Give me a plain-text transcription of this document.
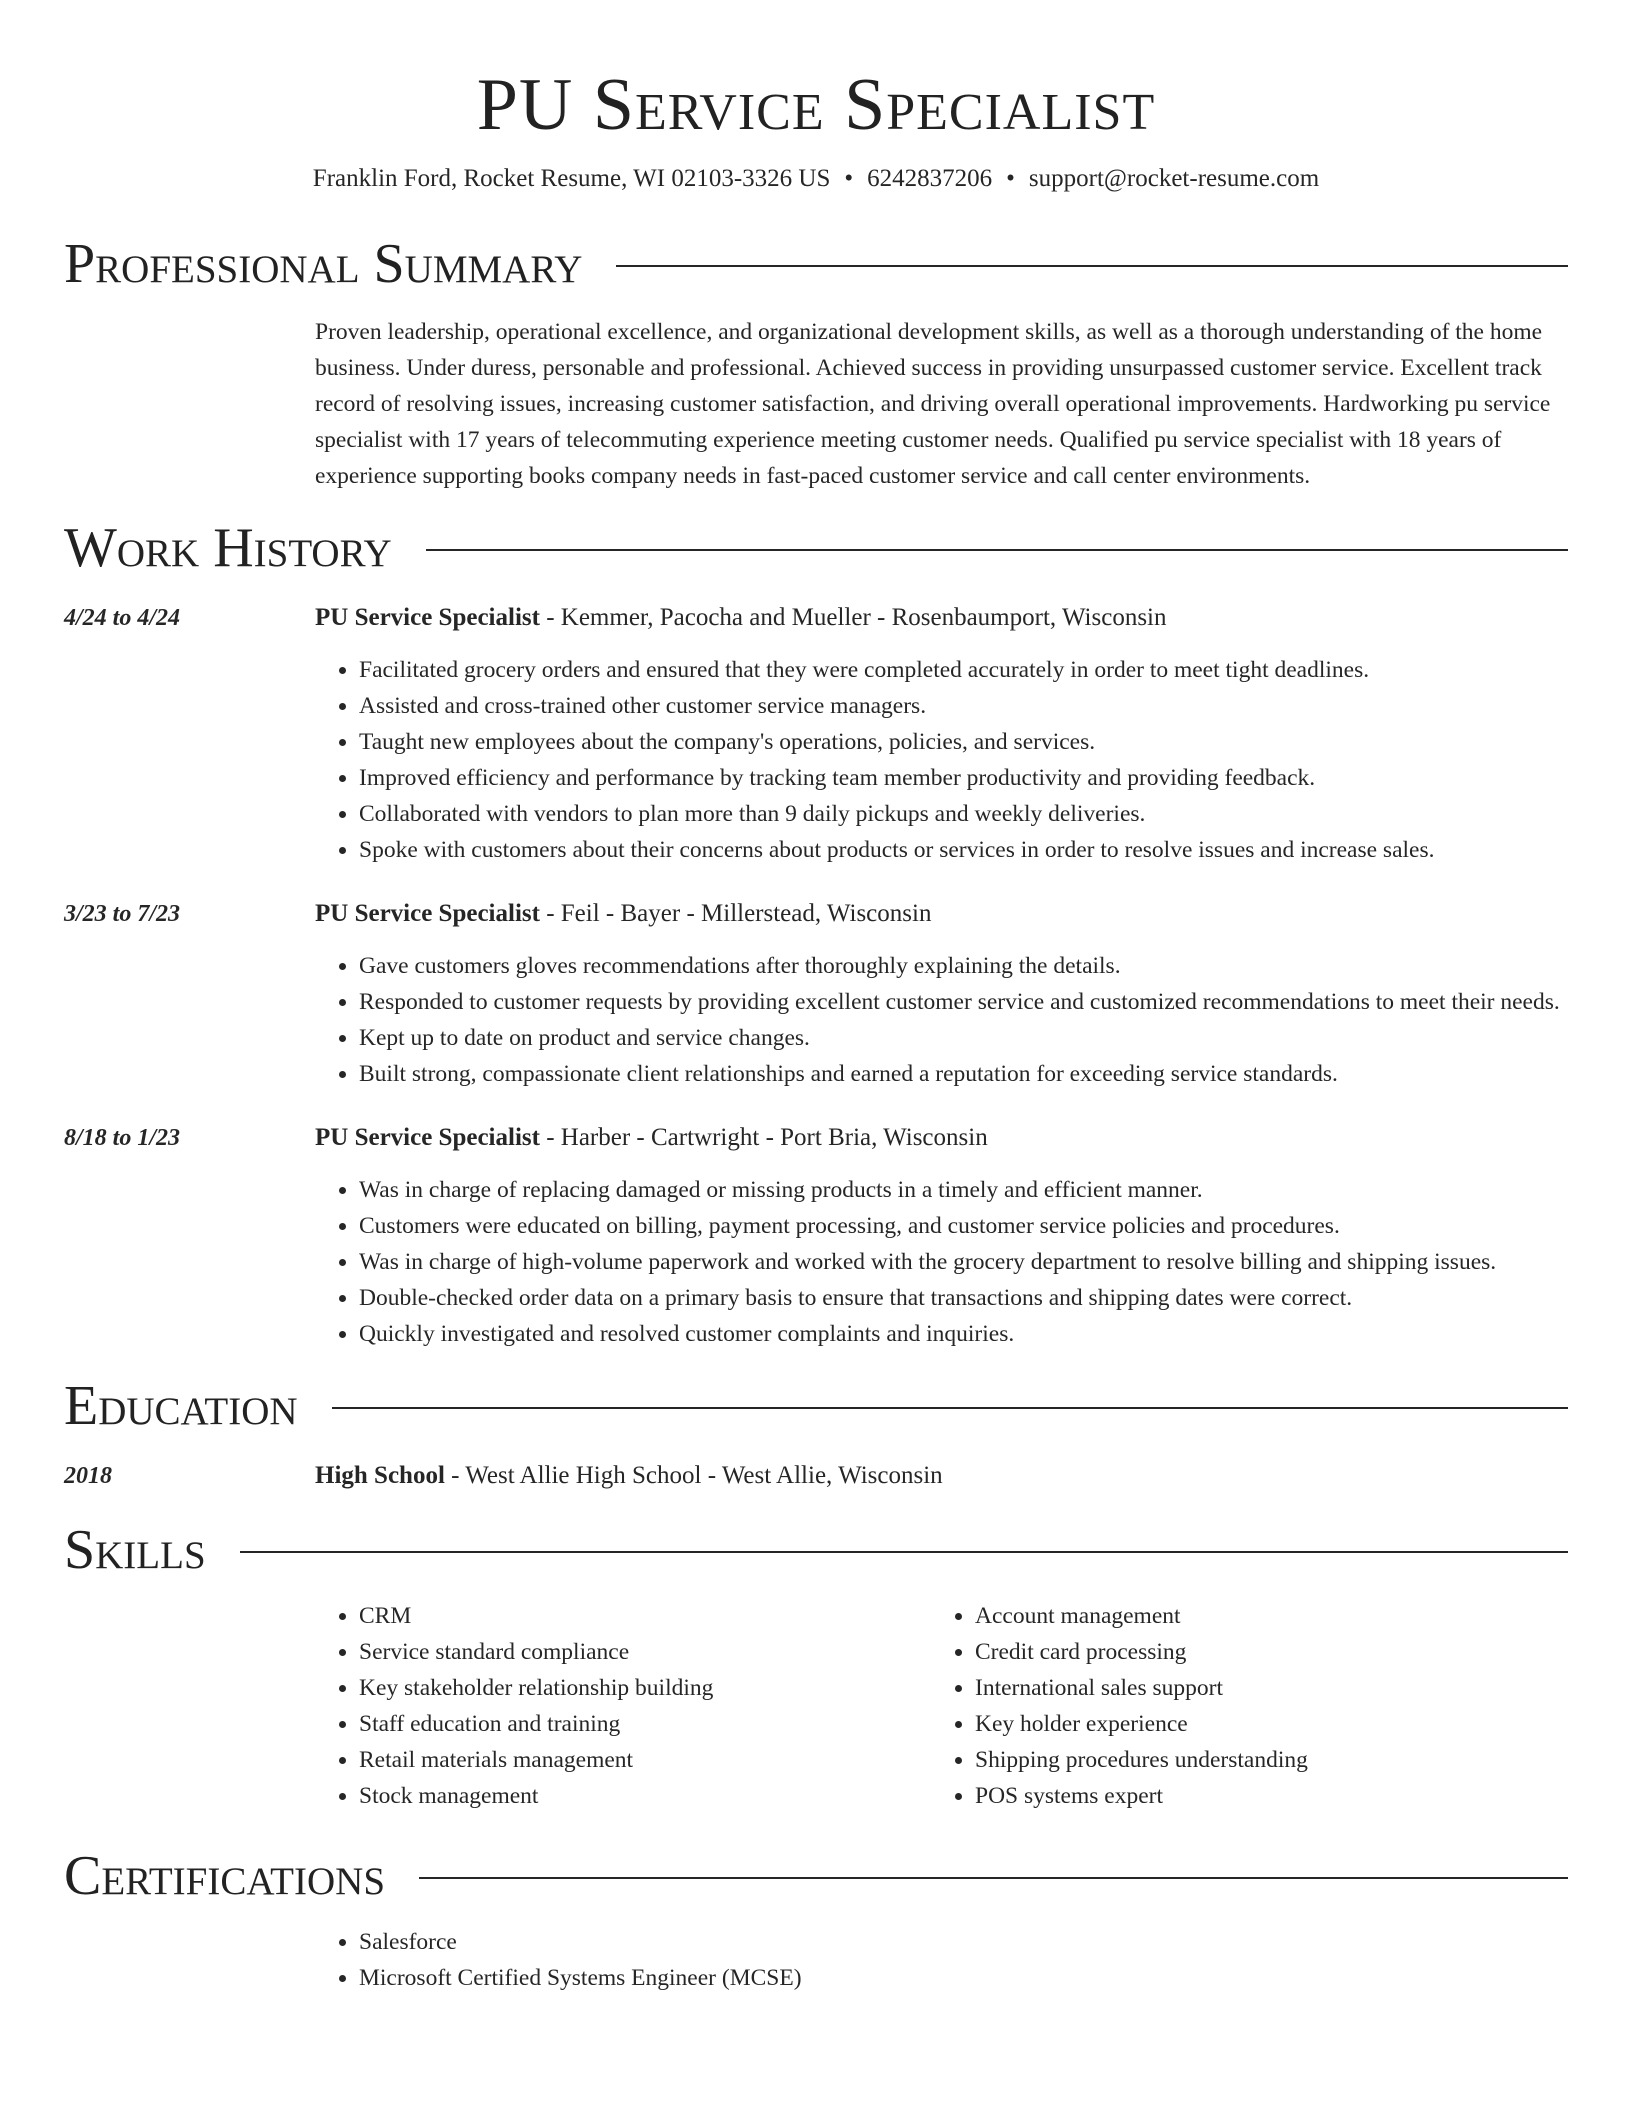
PU Service Specialist
Franklin Ford, Rocket Resume, WI 02103-3326 US • 6242837206 • support@rocket-resume.com
Professional Summary
Proven leadership, operational excellence, and organizational development skills, as well as a thorough understanding of the home business. Under duress, personable and professional. Achieved success in providing unsurpassed customer service. Excellent track record of resolving issues, increasing customer satisfaction, and driving overall operational improvements. Hardworking pu service specialist with 17 years of telecommuting experience meeting customer needs. Qualified pu service specialist with 18 years of experience supporting books company needs in fast-paced customer service and call center environments.
Work History
4/24 to 4/24	PU Service Specialist - Kemmer, Pacocha and Mueller - Rosenbaumport, Wisconsin
• Facilitated grocery orders and ensured that they were completed accurately in order to meet tight deadlines.
• Assisted and cross-trained other customer service managers.
• Taught new employees about the company's operations, policies, and services.
• Improved efficiency and performance by tracking team member productivity and providing feedback.
• Collaborated with vendors to plan more than 9 daily pickups and weekly deliveries.
• Spoke with customers about their concerns about products or services in order to resolve issues and increase sales.
3/23 to 7/23	PU Service Specialist - Feil - Bayer - Millerstead, Wisconsin
• Gave customers gloves recommendations after thoroughly explaining the details.
• Responded to customer requests by providing excellent customer service and customized recommendations to meet their needs.
• Kept up to date on product and service changes.
• Built strong, compassionate client relationships and earned a reputation for exceeding service standards.
8/18 to 1/23	PU Service Specialist - Harber - Cartwright - Port Bria, Wisconsin
• Was in charge of replacing damaged or missing products in a timely and efficient manner.
• Customers were educated on billing, payment processing, and customer service policies and procedures.
• Was in charge of high-volume paperwork and worked with the grocery department to resolve billing and shipping issues.
• Double-checked order data on a primary basis to ensure that transactions and shipping dates were correct.
• Quickly investigated and resolved customer complaints and inquiries.
Education
2018	High School - West Allie High School - West Allie, Wisconsin
Skills
• CRM
• Service standard compliance
• Key stakeholder relationship building
• Staff education and training
• Retail materials management
• Stock management
• Account management
• Credit card processing
• International sales support
• Key holder experience
• Shipping procedures understanding
• POS systems expert
Certifications
• Salesforce
• Microsoft Certified Systems Engineer (MCSE)
